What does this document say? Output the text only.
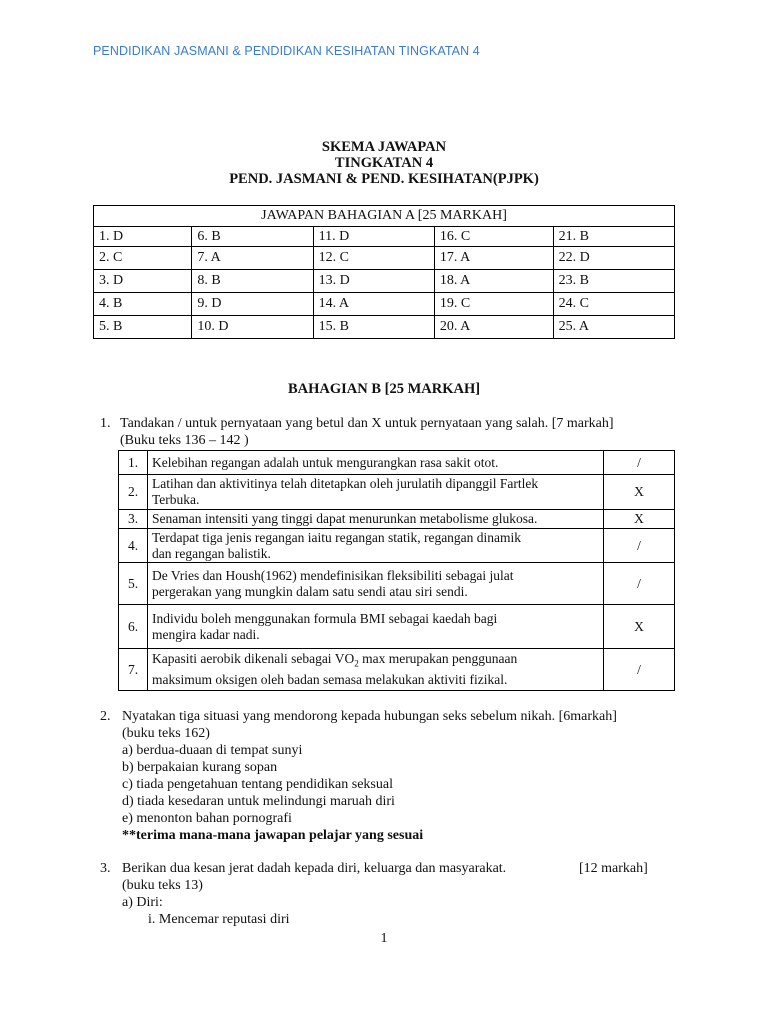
PENDIDIKAN JASMANI & PENDIDIKAN KESIHATAN TINGKATAN 4
SKEMA JAWAPAN
TINGKATAN 4
PEND. JASMANI & PEND. KESIHATAN(PJPK)
JAWAPAN BAHAGIAN A [25 MARKAH]				
1. D	6. B	11. D	16. C	21. B
2. C	7. A	12. C	17. A	22. D
3. D	8. B	13. D	18. A	23. B
4. B	9. D	14. A	19. C	24. C
5. B	10. D	15. B	20. A	25. A
BAHAGIAN B [25 MARKAH]
1. Tandakan / untuk pernyataan yang betul dan X untuk pernyataan yang salah. [7 markah]
(Buku teks 136 – 142 )
1.	Kelebihan regangan adalah untuk mengurangkan rasa sakit otot.	/
2.	Latihan dan aktivitinya telah ditetapkan oleh jurulatih dipanggil Fartlek
Terbuka.	X
3.	Senaman intensiti yang tinggi dapat menurunkan metabolisme glukosa.	X
4.	Terdapat tiga jenis regangan iaitu regangan statik, regangan dinamik
dan regangan balistik.	/
5.	De Vries dan Housh(1962) mendefinisikan fleksibiliti sebagai julat
pergerakan yang mungkin dalam satu sendi atau siri sendi.	/
6.	Individu boleh menggunakan formula BMI sebagai kaedah bagi
mengira kadar nadi.	X
7.	Kapasiti aerobik dikenali sebagai $VO_2$ max merupakan penggunaan
maksimum oksigen oleh badan semasa melakukan aktiviti fizikal.	/
2. Nyatakan tiga situasi yang mendorong kepada hubungan seks sebelum nikah. [6markah]
(buku teks 162)
a) berdua-duaan di tempat sunyi
b) berpakaian kurang sopan
c) tiada pengetahuan tentang pendidikan seksual
d) tiada kesedaran untuk melindungi maruah diri
e) menonton bahan pornografi
**terima mana-mana jawapan pelajar yang sesuai
3. Berikan dua kesan jerat dadah kepada diri, keluarga dan masyarakat.	[12 markah]
(buku teks 13)
a) Diri:
i. Mencemar reputasi diri
1
